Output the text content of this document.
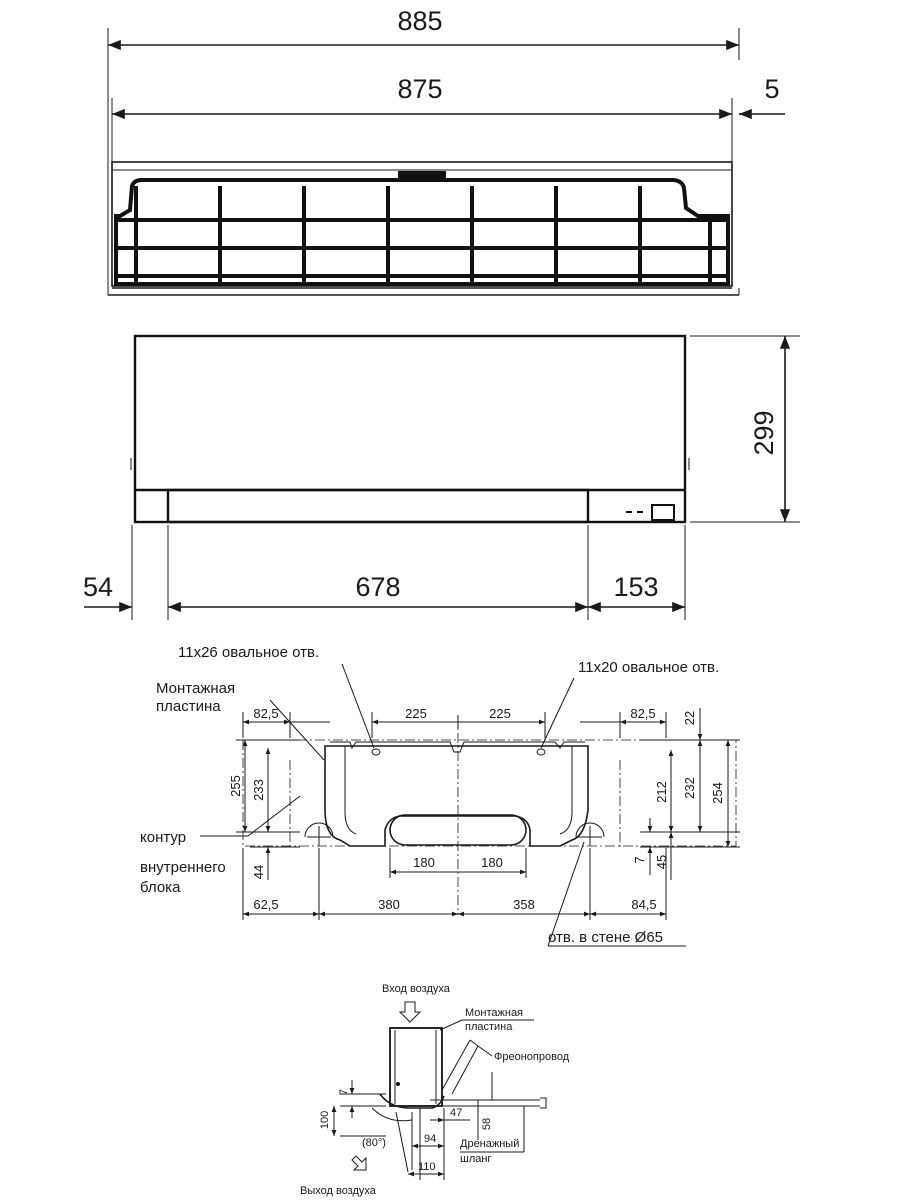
885
875	5
299
54	678	153
11x26 овальное отв.
11x20 овальное отв.
Монтажная
пластина
контур
внутреннего
блока
отв. в стене Ø65
82,5	225	225	82,5
255 233
44
22
212 232 254
7 45
180	180
62,5	380	358	84,5
Вход воздуха
Монтажная
пластина
Фреонопровод
Дренажный
шланг
7
100
(80°)
47
58
94
110
Выход воздуха
